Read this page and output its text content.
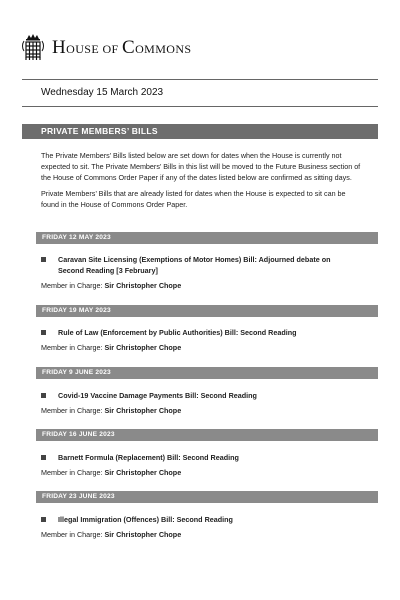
HOUSE OF COMMONS
Wednesday 15 March 2023
PRIVATE MEMBERS’ BILLS

The Private Members’ Bills listed below are set down for dates when the House is currently not expected to sit. The Private Members’ Bills in this list will be moved to the Future Business section of the House of Commons Order Paper if any of the dates listed below are confirmed as sitting days.

Private Members’ Bills that are already listed for dates when the House is expected to sit can be found in the House of Commons Order Paper.

FRIDAY 12 MAY 2023
Caravan Site Licensing (Exemptions of Motor Homes) Bill: Adjourned debate on Second Reading [3 February]
Member in Charge: Sir Christopher Chope
FRIDAY 19 MAY 2023
Rule of Law (Enforcement by Public Authorities) Bill: Second Reading
Member in Charge: Sir Christopher Chope
FRIDAY 9 JUNE 2023
Covid-19 Vaccine Damage Payments Bill: Second Reading
Member in Charge: Sir Christopher Chope
FRIDAY 16 JUNE 2023
Barnett Formula (Replacement) Bill: Second Reading
Member in Charge: Sir Christopher Chope
FRIDAY 23 JUNE 2023
Illegal Immigration (Offences) Bill: Second Reading
Member in Charge: Sir Christopher Chope
